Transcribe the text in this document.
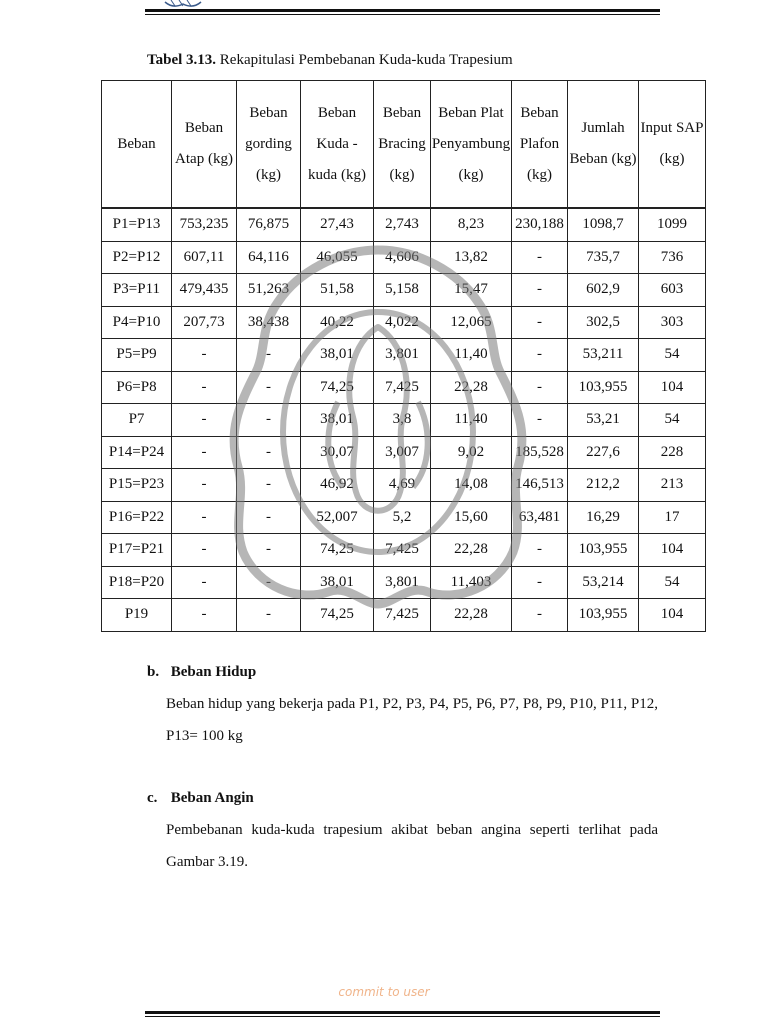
Tabel 3.13. Rekapitulasi Pembebanan Kuda-kuda Trapesium
Beban	Beban Atap (kg)	Beban gording (kg)	Beban Kuda - kuda (kg)	Beban Bracing (kg)	Beban Plat Penyambung (kg)	Beban Plafon (kg)	Jumlah Beban (kg)	Input SAP (kg)
P1=P13	753,235	76,875	27,43	2,743	8,23	230,188	1098,7	1099
P2=P12	607,11	64,116	46,055	4,606	13,82	-	735,7	736
P3=P11	479,435	51,263	51,58	5,158	15,47	-	602,9	603
P4=P10	207,73	38,438	40,22	4,022	12,065	-	302,5	303
P5=P9	-	-	38,01	3,801	11,40	-	53,211	54
P6=P8	-	-	74,25	7,425	22,28	-	103,955	104
P7	-	-	38,01	3,8	11,40	-	53,21	54
P14=P24	-	-	30,07	3,007	9,02	185,528	227,6	228
P15=P23	-	-	46,92	4,69	14,08	146,513	212,2	213
P16=P22	-	-	52,007	5,2	15,60	63,481	16,29	17
P17=P21	-	-	74,25	7,425	22,28	-	103,955	104
P18=P20	-	-	38,01	3,801	11,403	-	53,214	54
P19	-	-	74,25	7,425	22,28	-	103,955	104
b. Beban Hidup

Beban hidup yang bekerja pada P1, P2, P3, P4, P5, P6, P7, P8, P9, P10, P11, P12, P13= 100 kg

c. Beban Angin

Pembebanan kuda-kuda trapesium akibat beban angina seperti terlihat pada Gambar 3.19.

commit to user
